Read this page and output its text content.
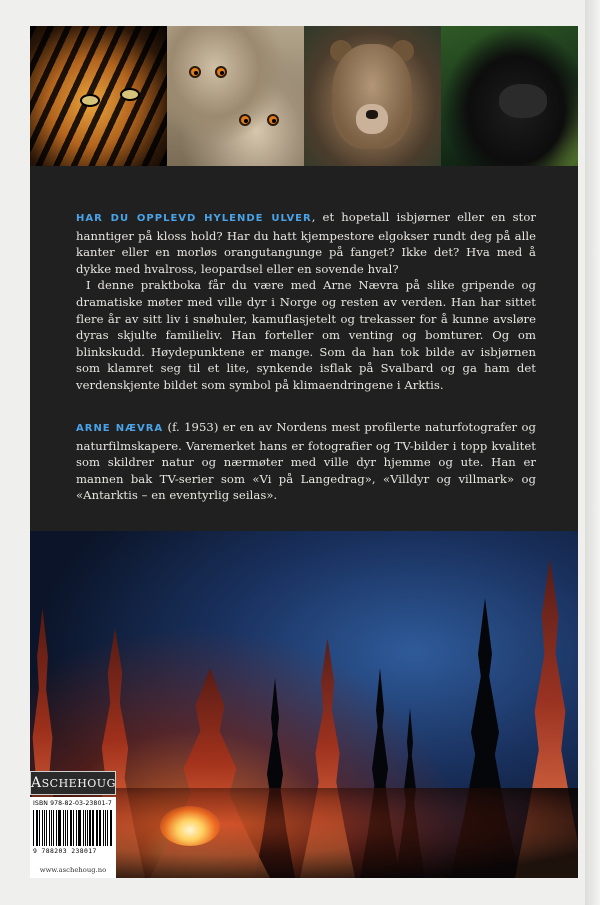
HAR DU OPPLEVD HYLENDE ULVER, et hopetall isbjørner eller en stor hanntiger på kloss hold? Har du hatt kjempestore elgokser rundt deg på alle kanter eller en morløs orangutangunge på fanget? Ikke det? Hva med å dykke med hvalross, leopardsel eller en sovende hval?
I denne praktboka får du være med Arne Nævra på slike gripende og dramatiske møter med ville dyr i Norge og resten av verden. Han har sittet flere år av sitt liv i snøhuler, kamuflasjetelt og trekasser for å kunne avsløre dyras skjulte familieliv. Han forteller om venting og bomturer. Og om blinkskudd. Høydepunktene er mange. Som da han tok bilde av isbjørnen som klamret seg til et lite, synkende isflak på Svalbard og ga ham det verdenskjente bildet som symbol på klimaendringene i Arktis.

ARNE NÆVRA (f. 1953) er en av Nordens mest profilerte naturfotografer og naturfilmskapere. Varemerket hans er fotografier og TV-bilder i topp kvalitet som skildrer natur og nærmøter med ville dyr hjemme og ute. Han er mannen bak TV-serier som «Vi på Langedrag», «Villdyr og villmark» og «Antarktis – en eventyrlig seilas».

ASCHEHOUG
ISBN 978-82-03-23801-7
9 788203 238017
www.aschehoug.no
